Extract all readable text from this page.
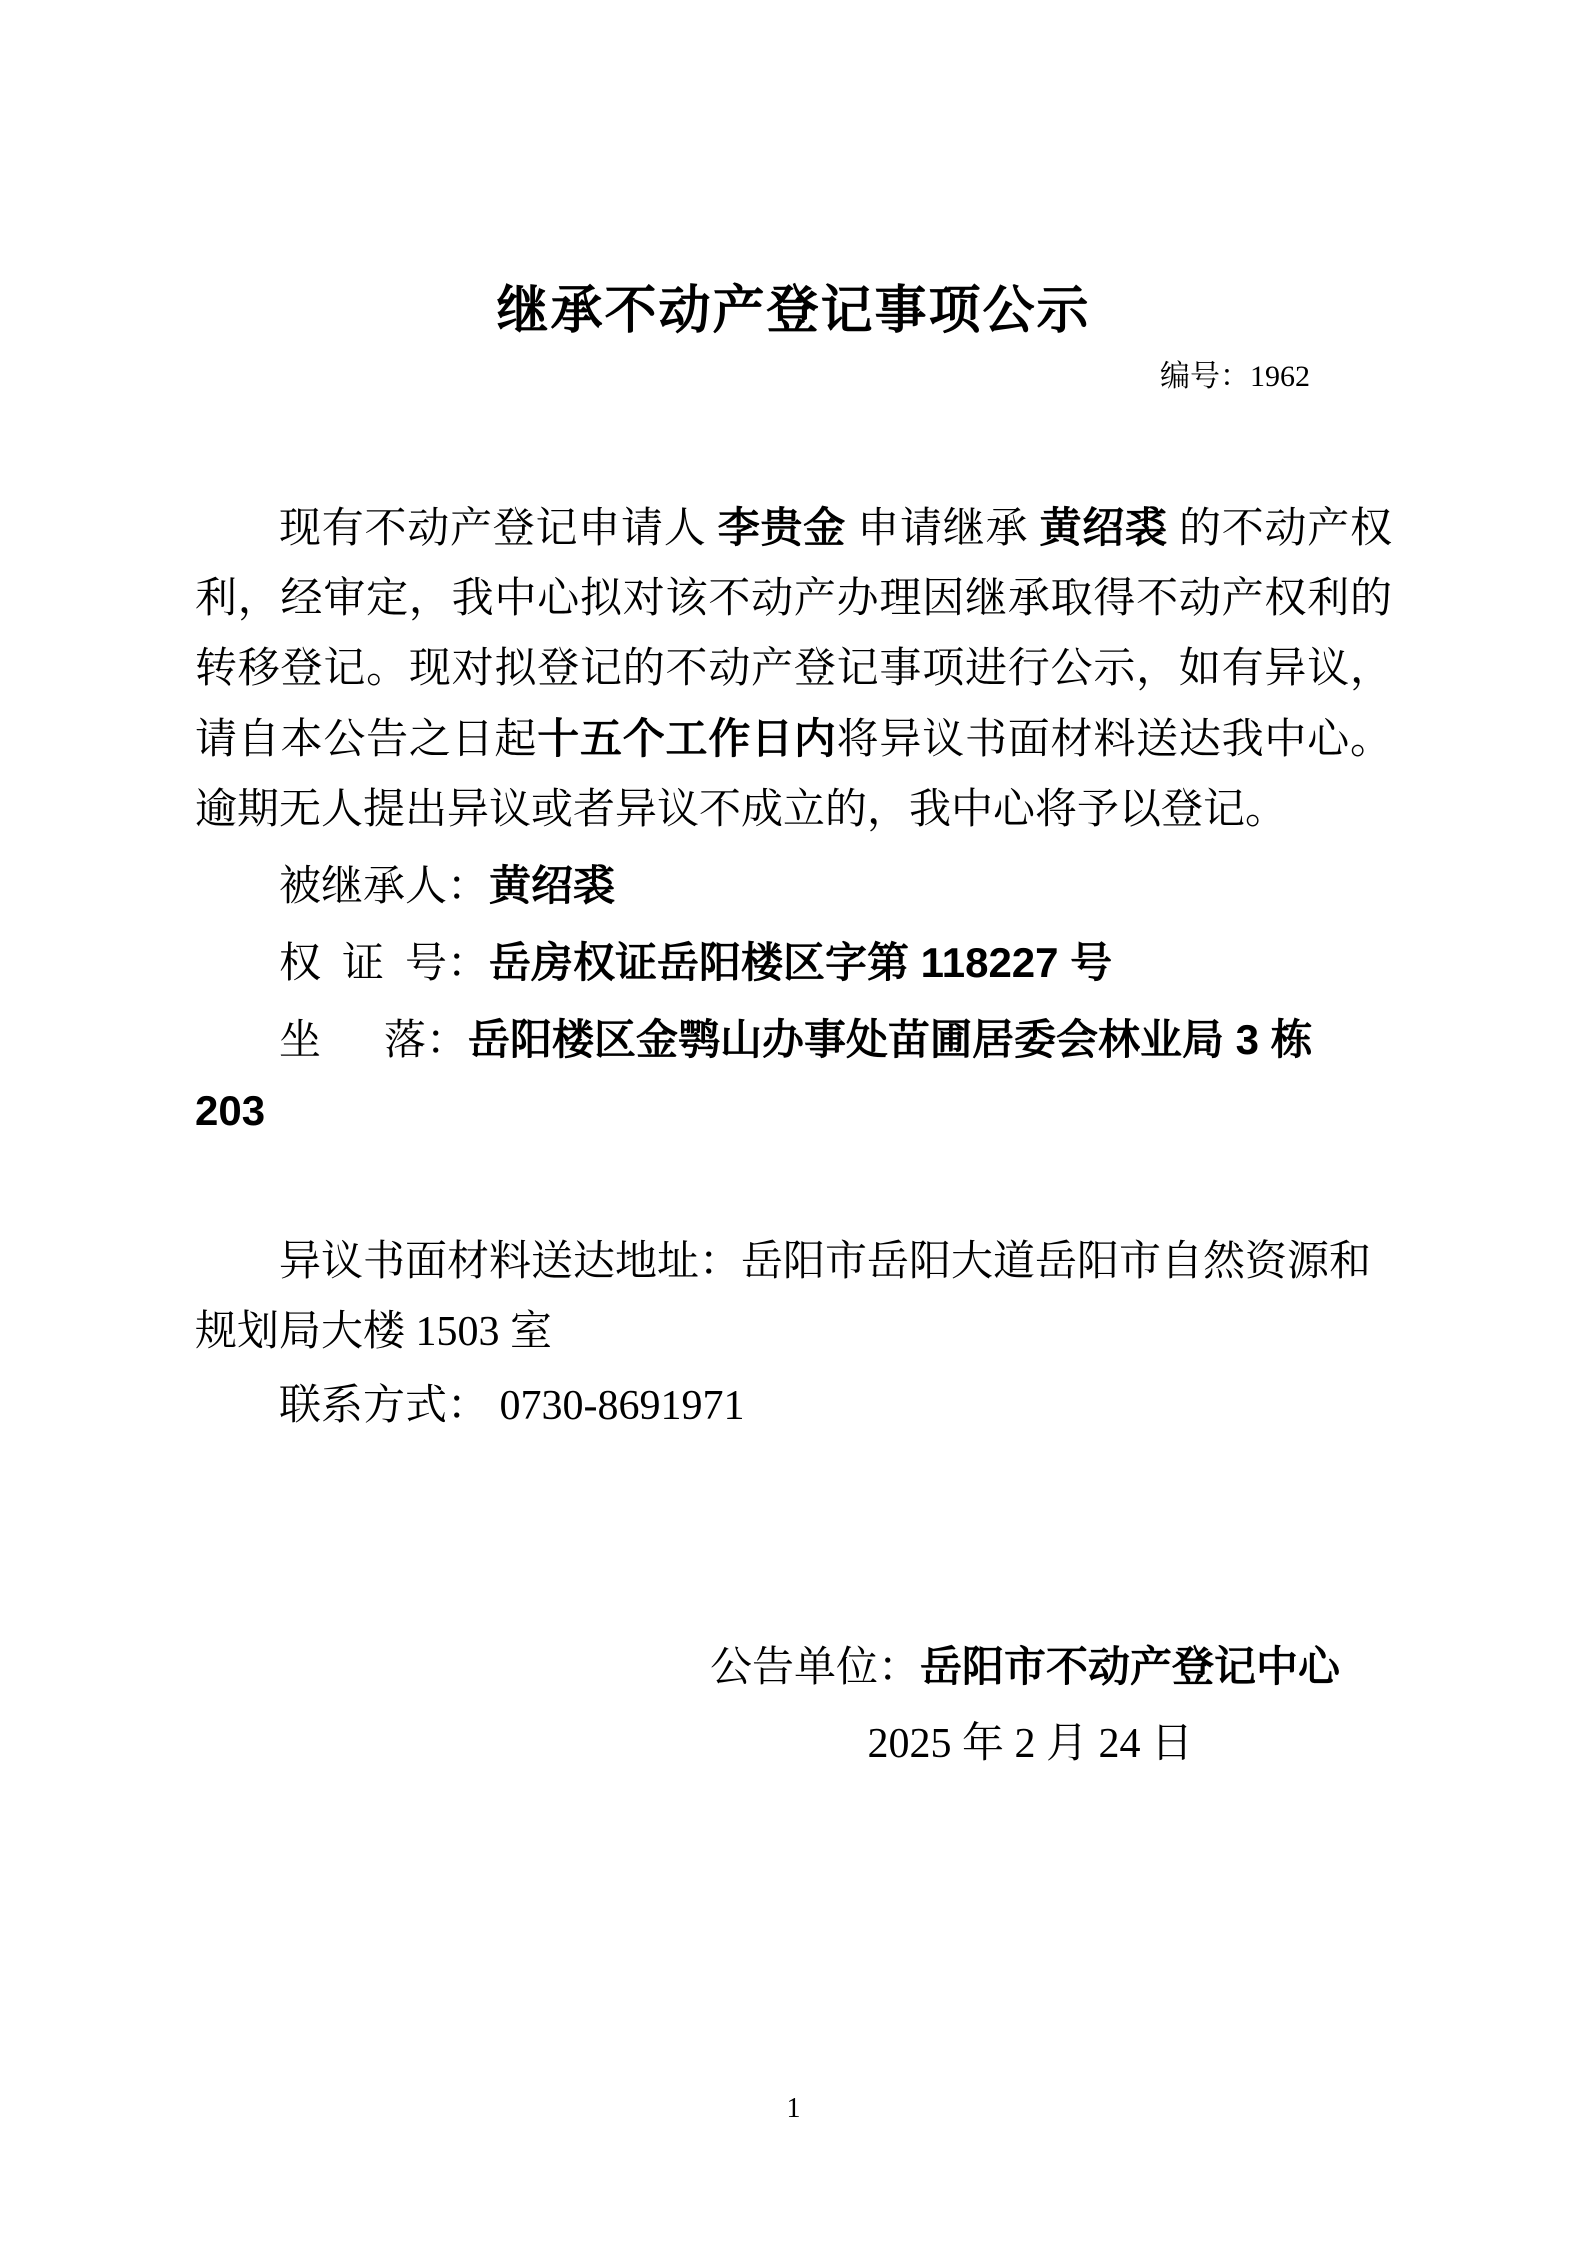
继承不动产登记事项公示
编号：1962

现有不动产登记申请人 李贵金 申请继承 黄绍裘 的不动产权利，经审定，我中心拟对该不动产办理因继承取得不动产权利的转移登记。现对拟登记的不动产登记事项进行公示，如有异议，请自本公告之日起十五个工作日内将异议书面材料送达我中心。逾期无人提出异议或者异议不成立的，我中心将予以登记。

被继承人：黄绍裘

权  证  号：岳房权证岳阳楼区字第 118227 号

坐      落：岳阳楼区金鹗山办事处苗圃居委会林业局 3 栋 203

异议书面材料送达地址：岳阳市岳阳大道岳阳市自然资源和规划局大楼 1503 室

联系方式： 0730-8691971

公告单位：岳阳市不动产登记中心

2025 年 2 月 24 日

1
